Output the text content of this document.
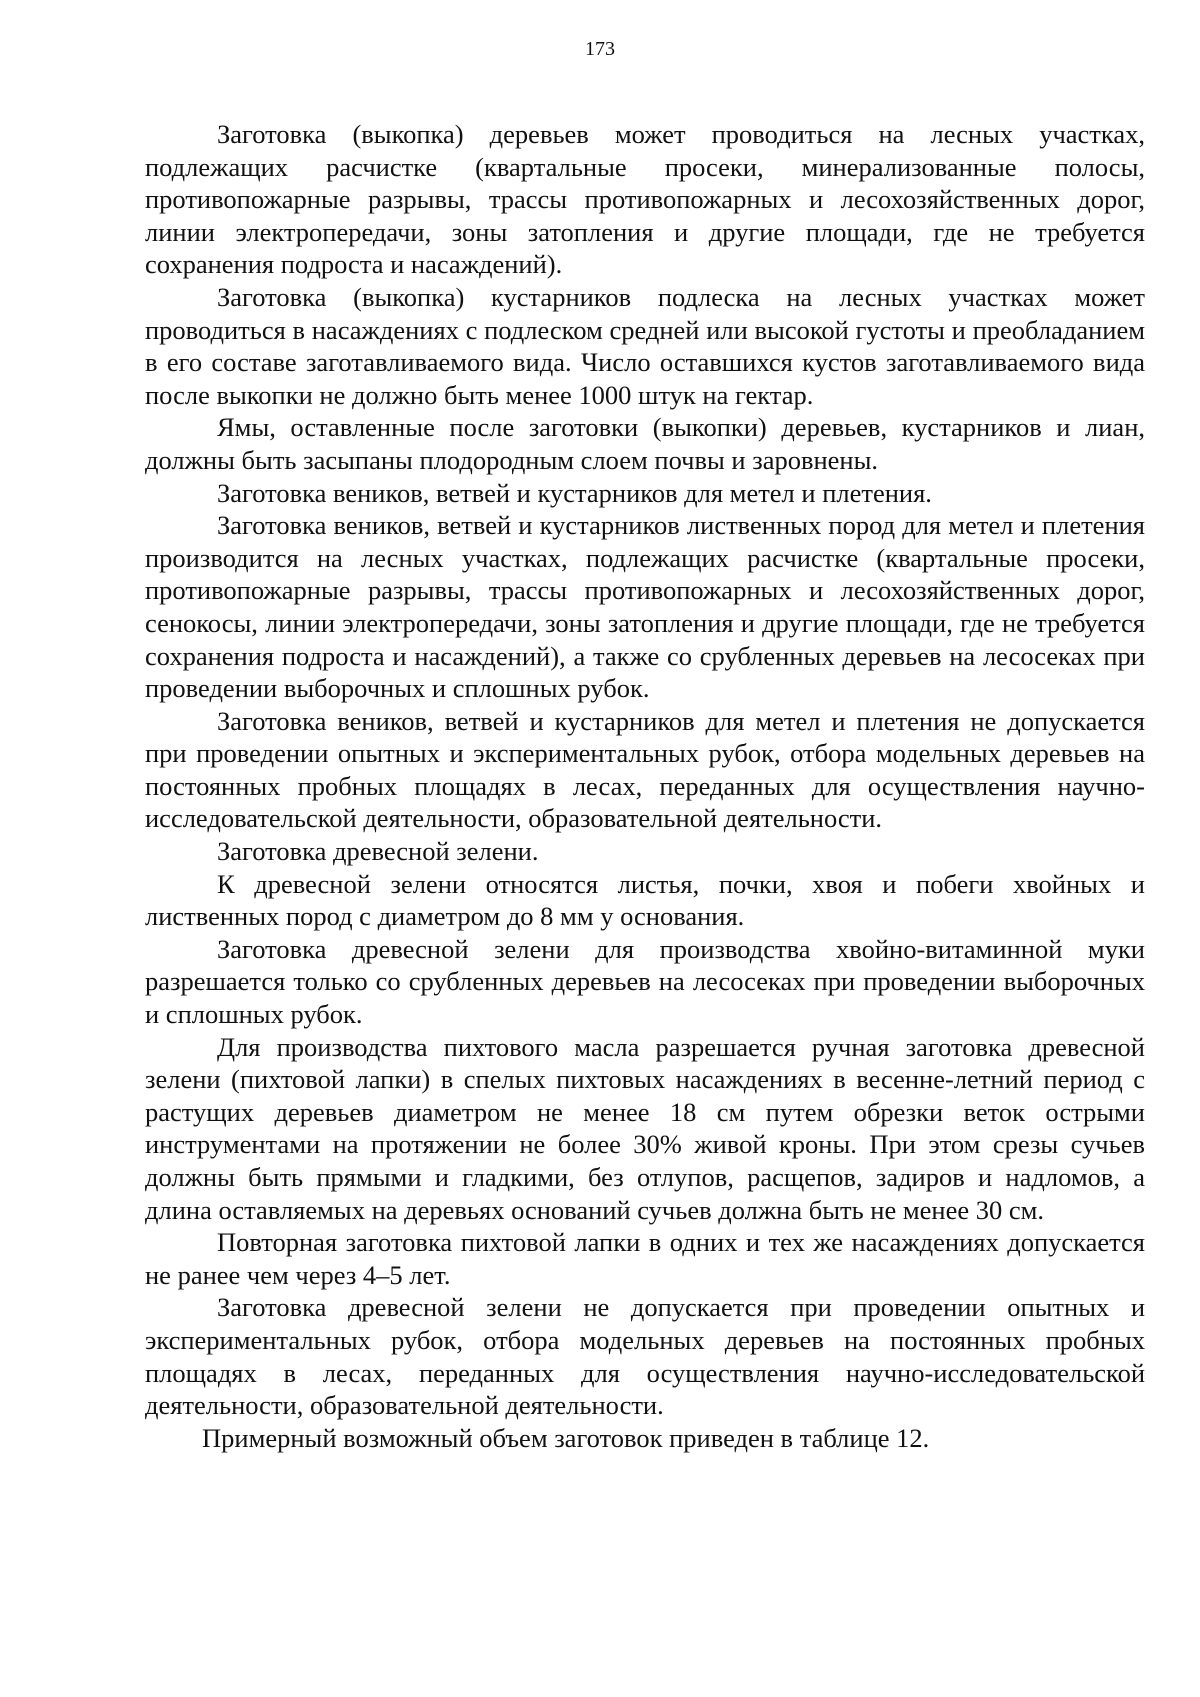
173

Заготовка (выкопка) деревьев может проводиться на лесных участках, подлежащих расчистке (квартальные просеки, минерализованные полосы, противопожарные разрывы, трассы противопожарных и лесохозяйственных дорог, линии электропередачи, зоны затопления и другие площади, где не требуется сохранения подроста и насаждений).

Заготовка (выкопка) кустарников подлеска на лесных участках может проводиться в насаждениях с подлеском средней или высокой густоты и преобладанием в его составе заготавливаемого вида. Число оставшихся кустов заготавливаемого вида после выкопки не должно быть менее 1000 штук на гектар.

Ямы, оставленные после заготовки (выкопки) деревьев, кустарников и лиан, должны быть засыпаны плодородным слоем почвы и заровнены.

Заготовка веников, ветвей и кустарников для метел и плетения.

Заготовка веников, ветвей и кустарников лиственных пород для метел и плетения производится на лесных участках, подлежащих расчистке (квартальные просеки, противопожарные разрывы, трассы противопожарных и лесохозяйственных дорог, сенокосы, линии электропередачи, зоны затопления и другие площади, где не требуется сохранения подроста и насаждений), а также со срубленных деревьев на лесосеках при проведении выборочных и сплошных рубок.

Заготовка веников, ветвей и кустарников для метел и плетения не допускается при проведении опытных и экспериментальных рубок, отбора модельных деревьев на постоянных пробных площадях в лесах, переданных для осуществления научно-исследовательской деятельности, образовательной деятельности.

Заготовка древесной зелени.

К древесной зелени относятся листья, почки, хвоя и побеги хвойных и лиственных пород с диаметром до 8 мм у основания.

Заготовка древесной зелени для производства хвойно-витаминной муки разрешается только со срубленных деревьев на лесосеках при проведении выборочных и сплошных рубок.

Для производства пихтового масла разрешается ручная заготовка древесной зелени (пихтовой лапки) в спелых пихтовых насаждениях в весенне-летний период с растущих деревьев диаметром не менее 18 см путем обрезки веток острыми инструментами на протяжении не более 30% живой кроны. При этом срезы сучьев должны быть прямыми и гладкими, без отлупов, расщепов, задиров и надломов, а длина оставляемых на деревьях оснований сучьев должна быть не менее 30 см.

Повторная заготовка пихтовой лапки в одних и тех же насаждениях допускается не ранее чем через 4–5 лет.

Заготовка древесной зелени не допускается при проведении опытных и экспериментальных рубок, отбора модельных деревьев на постоянных пробных площадях в лесах, переданных для осуществления научно-исследовательской деятельности, образовательной деятельности.

Примерный возможный объем заготовок приведен в таблице 12.
